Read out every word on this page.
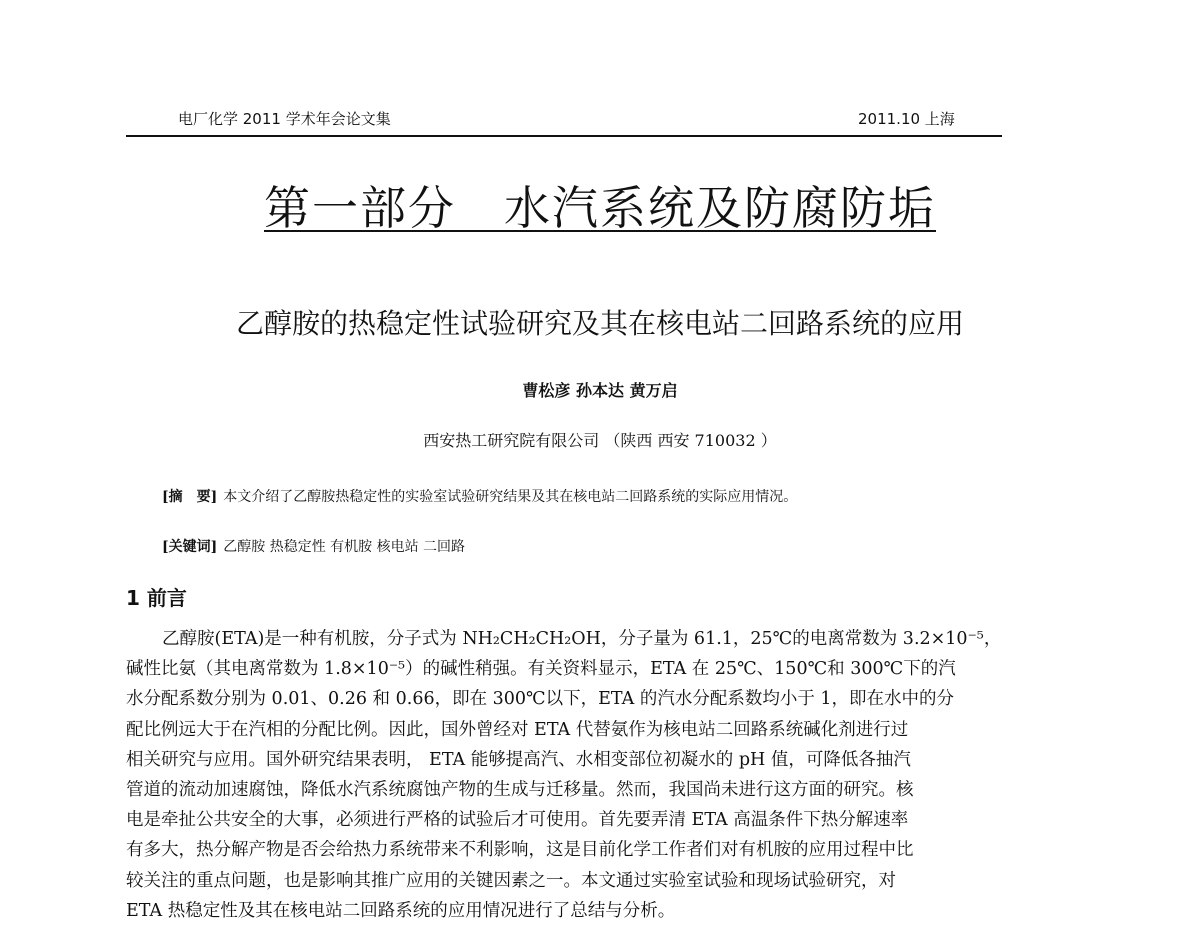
电厂化学 2011 学术年会论文集	2011.10 上海
第一部分　水汽系统及防腐防垢
乙醇胺的热稳定性试验研究及其在核电站二回路系统的应用
曹松彦 孙本达 黄万启
西安热工研究院有限公司 （陕西 西安 710032 ）
[摘　要] 本文介绍了乙醇胺热稳定性的实验室试验研究结果及其在核电站二回路系统的实际应用情况。
[关键词] 乙醇胺 热稳定性 有机胺 核电站 二回路
1 前言
乙醇胺(ETA)是一种有机胺，分子式为 NH₂CH₂CH₂OH，分子量为 61.1，25℃的电离常数为 3.2×10⁻⁵，
碱性比氨（其电离常数为 1.8×10⁻⁵）的碱性稍强。有关资料显示，ETA 在 25℃、150℃和 300℃下的汽
水分配系数分别为 0.01、0.26 和 0.66，即在 300℃以下，ETA 的汽水分配系数均小于 1，即在水中的分
配比例远大于在汽相的分配比例。因此，国外曾经对 ETA 代替氨作为核电站二回路系统碱化剂进行过
相关研究与应用。国外研究结果表明， ETA 能够提高汽、水相变部位初凝水的 pH 值，可降低各抽汽
管道的流动加速腐蚀，降低水汽系统腐蚀产物的生成与迁移量。然而，我国尚未进行这方面的研究。核
电是牵扯公共安全的大事，必须进行严格的试验后才可使用。首先要弄清 ETA 高温条件下热分解速率
有多大，热分解产物是否会给热力系统带来不利影响，这是目前化学工作者们对有机胺的应用过程中比
较关注的重点问题，也是影响其推广应用的关键因素之一。本文通过实验室试验和现场试验研究，对
ETA 热稳定性及其在核电站二回路系统的应用情况进行了总结与分析。
